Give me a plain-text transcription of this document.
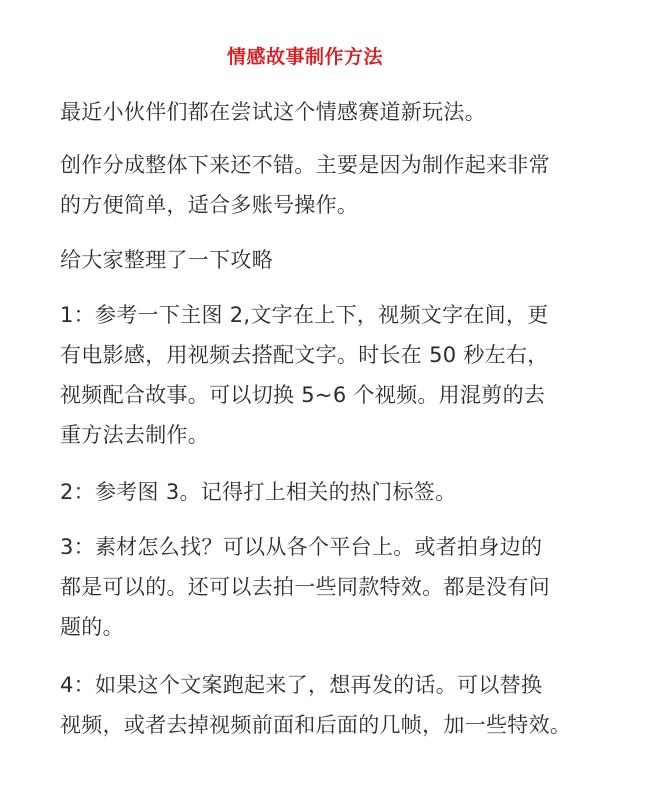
情感故事制作方法
最近小伙伴们都在尝试这个情感赛道新玩法。
创作分成整体下来还不错。主要是因为制作起来非常
的方便简单，适合多账号操作。
给大家整理了一下攻略
1：参考一下主图 2,文字在上下，视频文字在间，更
有电影感，用视频去搭配文字。时长在 50 秒左右，
视频配合故事。可以切换 5~6 个视频。用混剪的去
重方法去制作。
2：参考图 3。记得打上相关的热门标签。
3：素材怎么找？可以从各个平台上。或者拍身边的
都是可以的。还可以去拍一些同款特效。都是没有问
题的。
4：如果这个文案跑起来了，想再发的话。可以替换
视频，或者去掉视频前面和后面的几帧，加一些特效。
